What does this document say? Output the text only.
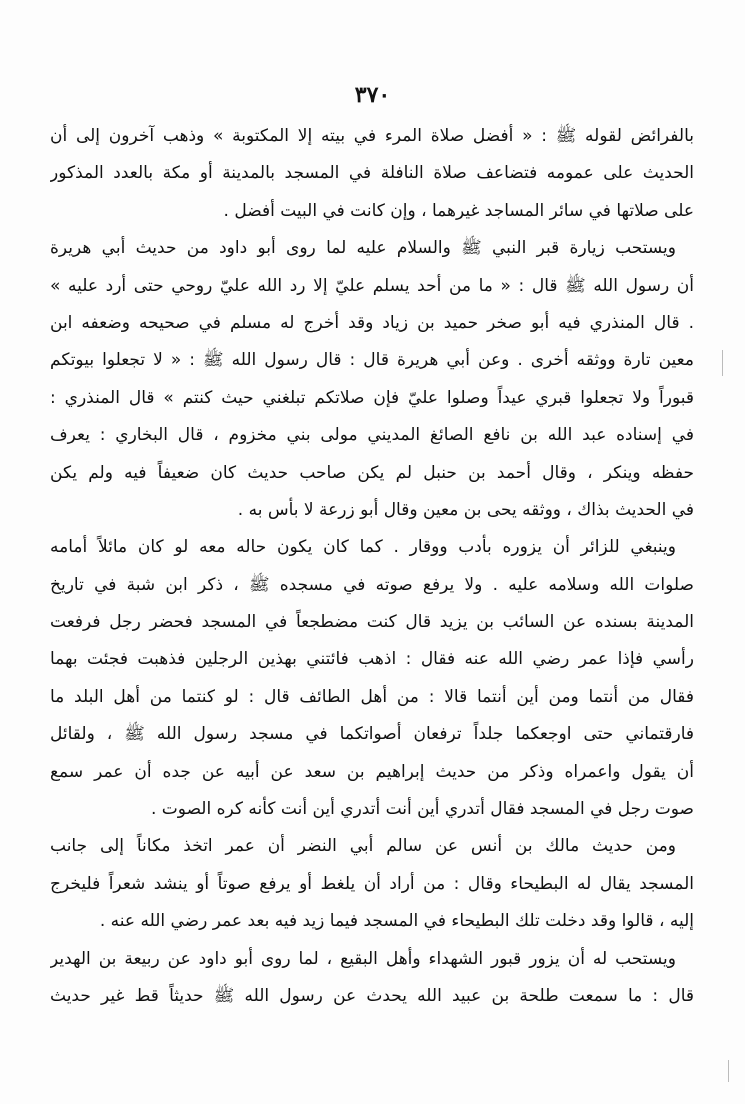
٣٧٠
بالفرائض لقوله ﷺ : « أفضل صلاة المرء في بيته إلا المكتوبة » وذهب آخرون إلى أن
الحديث على عمومه فتضاعف صلاة النافلة في المسجد بالمدينة أو مكة بالعدد المذكور
على صلاتها في سائر المساجد غيرهما ، وإن كانت في البيت أفضل .
ويستحب زيارة قبر النبي ﷺ والسلام عليه لما روى أبو داود من حديث أبي هريرة
أن رسول الله ﷺ قال : « ما من أحد يسلم عليّ إلا رد الله عليّ روحي حتى أرد عليه »
. قال المنذري فيه أبو صخر حميد بن زياد وقد أخرج له مسلم في صحيحه وضعفه ابن
معين تارة ووثقه أخرى . وعن أبي هريرة قال : قال رسول الله ﷺ : « لا تجعلوا بيوتكم
قبوراً ولا تجعلوا قبري عيداً وصلوا عليّ فإن صلاتكم تبلغني حيث كنتم » قال المنذري :
في إسناده عبد الله بن نافع الصائغ المديني مولى بني مخزوم ، قال البخاري : يعرف
حفظه وينكر ، وقال أحمد بن حنبل لم يكن صاحب حديث كان ضعيفاً فيه ولم يكن
في الحديث بذاك ، ووثقه يحى بن معين وقال أبو زرعة لا بأس به .
وينبغي للزائر أن يزوره بأدب ووقار . كما كان يكون حاله معه لو كان مائلاً أمامه
صلوات الله وسلامه عليه . ولا يرفع صوته في مسجده ﷺ ، ذكر ابن شبة في تاريخ
المدينة بسنده عن السائب بن يزيد قال كنت مضطجعاً في المسجد فحضر رجل فرفعت
رأسي فإذا عمر رضي الله عنه فقال : اذهب فائتني بهذين الرجلين فذهبت فجئت بهما
فقال من أنتما ومن أين أنتما قالا : من أهل الطائف قال : لو كنتما من أهل البلد ما
فارقتماني حتى اوجعكما جلداً ترفعان أصواتكما في مسجد رسول الله ﷺ ، ولقائل
أن يقول واعمراه وذكر من حديث إبراهيم بن سعد عن أبيه عن جده أن عمر سمع
صوت رجل في المسجد فقال أتدري أين أنت أتدري أين أنت كأنه كره الصوت .
ومن حديث مالك بن أنس عن سالم أبي النضر أن عمر اتخذ مكاناً إلى جانب
المسجد يقال له البطيحاء وقال : من أراد أن يلغط أو يرفع صوتاً أو ينشد شعراً فليخرج
إليه ، قالوا وقد دخلت تلك البطيحاء في المسجد فيما زيد فيه بعد عمر رضي الله عنه .
ويستحب له أن يزور قبور الشهداء وأهل البقيع ، لما روى أبو داود عن ربيعة بن الهدير
قال : ما سمعت طلحة بن عبيد الله يحدث عن رسول الله ﷺ حديثاً قط غير حديث
